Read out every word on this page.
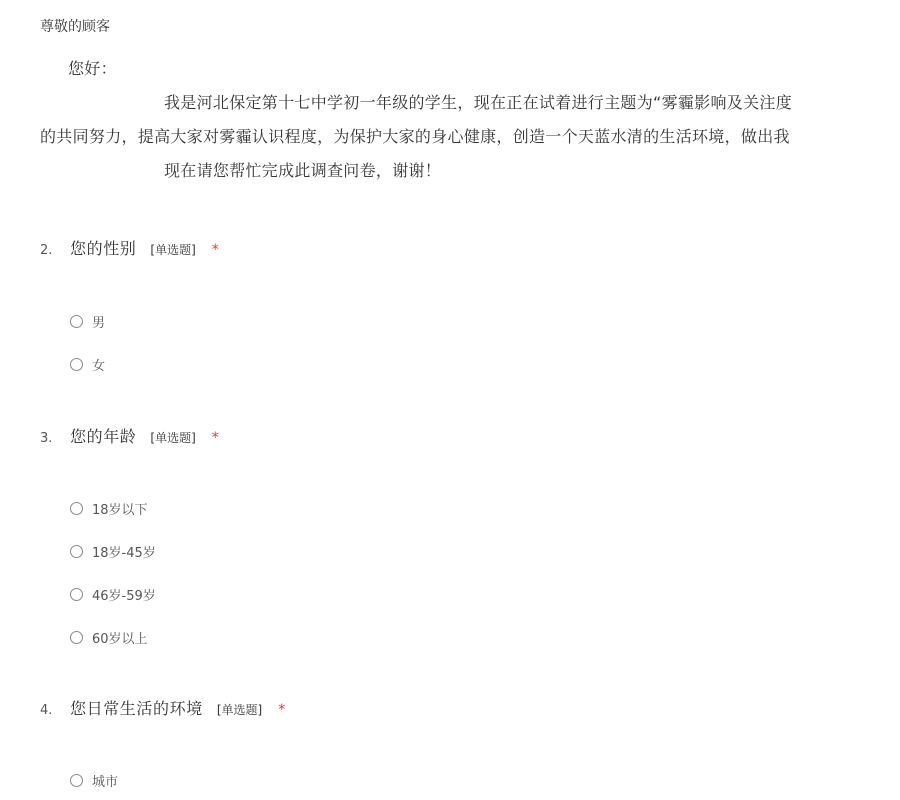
尊敬的顾客
您好：
我是河北保定第十七中学初一年级的学生，现在正在试着进行主题为“雾霾影响及关注度
的共同努力，提高大家对雾霾认识程度，为保护大家的身心健康，创造一个天蓝水清的生活环境，做出我
现在请您帮忙完成此调查问卷，谢谢！
2.	您的性别 [单选题] *
男
女
3.	您的年龄 [单选题] *
18岁以下
18岁-45岁
46岁-59岁
60岁以上
4.	您日常生活的环境 [单选题] *
城市
